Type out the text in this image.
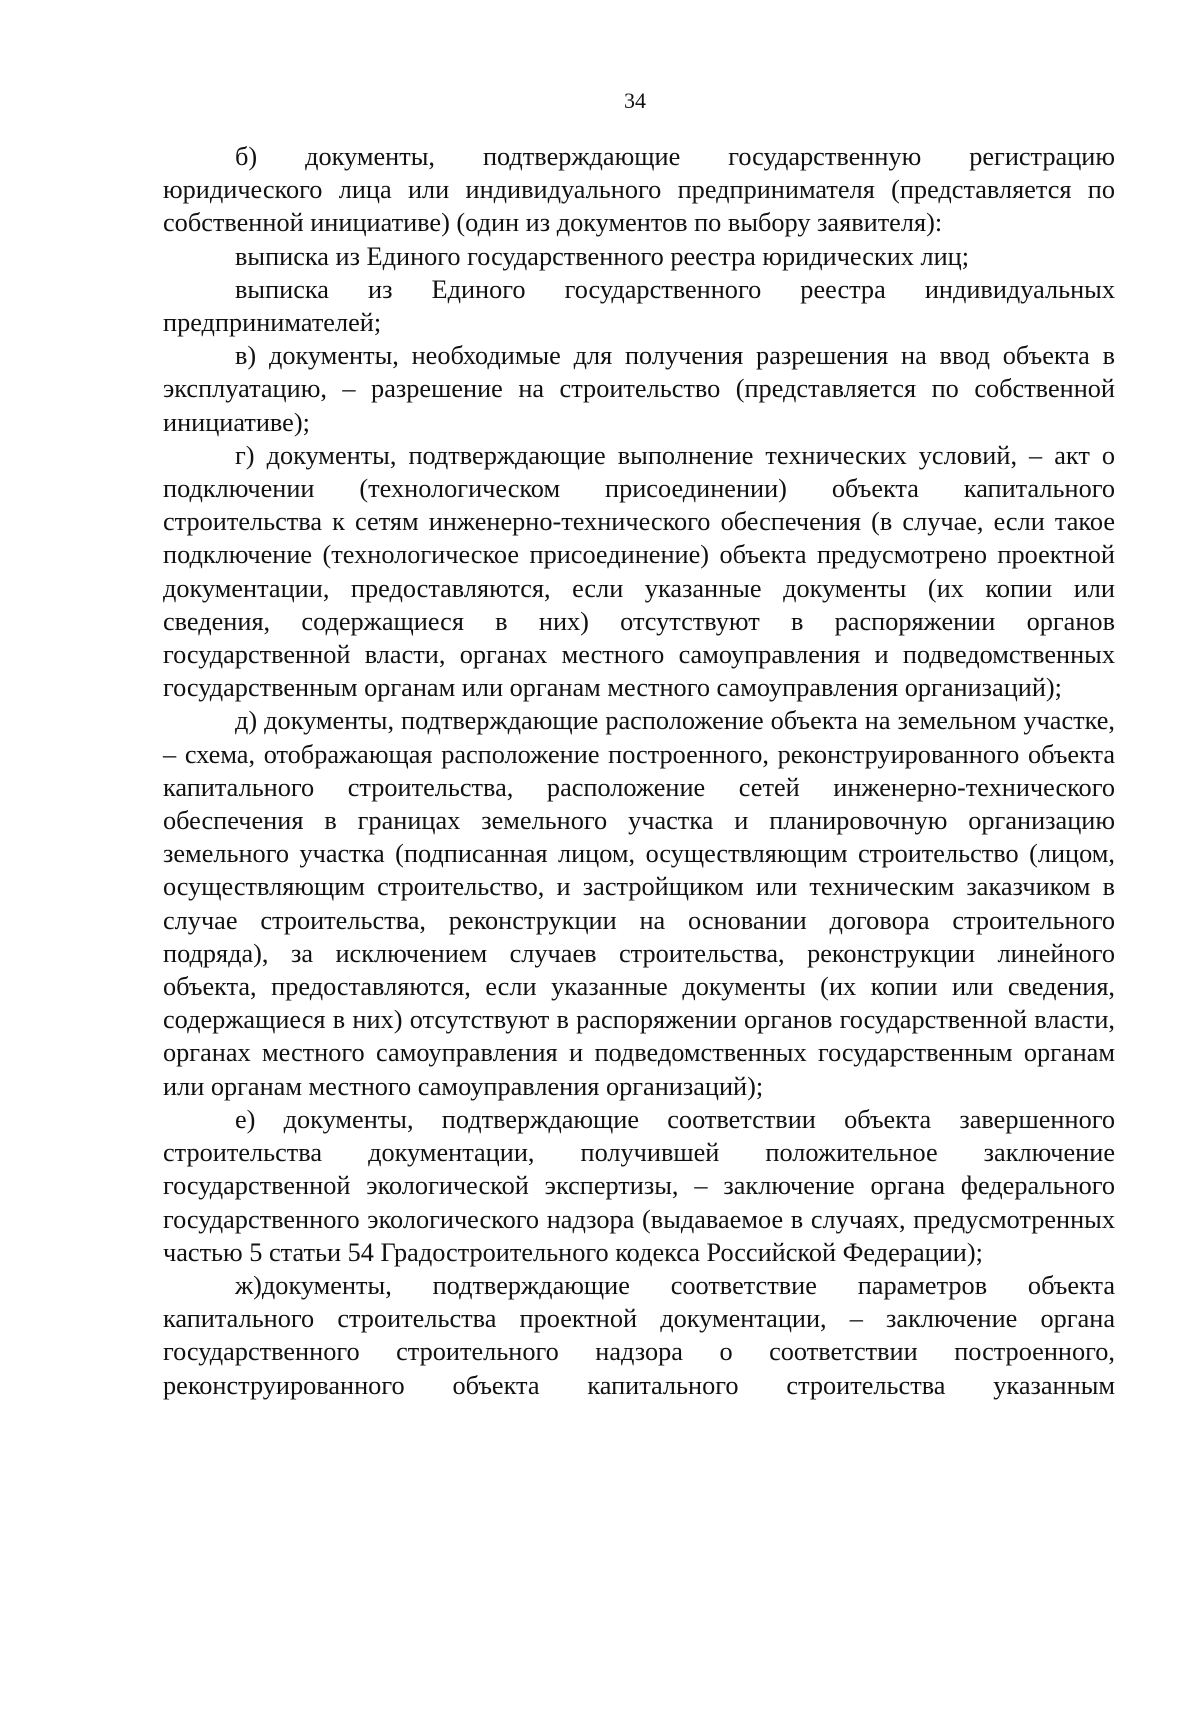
34

б) документы, подтверждающие государственную регистрацию юридического лица или индивидуального предпринимателя (представляется по собственной инициативе) (один из документов по выбору заявителя):

выписка из Единого государственного реестра юридических лиц;

выписка из Единого государственного реестра индивидуальных

предпринимателей;

в) документы, необходимые для получения разрешения на ввод объекта в эксплуатацию, – разрешение на строительство (представляется по собственной инициативе);

г) документы, подтверждающие выполнение технических условий, – акт о подключении (технологическом присоединении) объекта капитального строительства к сетям инженерно-технического обеспечения (в случае, если такое подключение (технологическое присоединение) объекта предусмотрено проектной документации, предоставляются, если указанные документы (их копии или сведения, содержащиеся в них) отсутствуют в распоряжении органов государственной власти, органах местного самоуправления и подведомственных государственным органам или органам местного самоуправления организаций);

д) документы, подтверждающие расположение объекта на земельном участке, – схема, отображающая расположение построенного, реконструированного объекта капитального строительства, расположение сетей инженерно-технического обеспечения в границах земельного участка и планировочную организацию земельного участка (подписанная лицом, осуществляющим строительство (лицом, осуществляющим строительство, и застройщиком или техническим заказчиком в случае строительства, реконструкции на основании договора строительного подряда), за исключением случаев строительства, реконструкции линейного объекта, предоставляются, если указанные документы (их копии или сведения, содержащиеся в них) отсутствуют в распоряжении органов государственной власти, органах местного самоуправления и подведомственных государственным органам или органам местного самоуправления организаций);

е) документы, подтверждающие соответствии объекта завершенного строительства документации, получившей положительное заключение государственной экологической экспертизы, – заключение органа федерального государственного экологического надзора (выдаваемое в случаях, предусмотренных частью 5 статьи 54 Градостроительного кодекса Российской Федерации);

ж)документы, подтверждающие соответствие параметров объекта капитального строительства проектной документации, – заключение органа государственного строительного надзора о соответствии построенного, реконструированного объекта капитального строительства указанным
